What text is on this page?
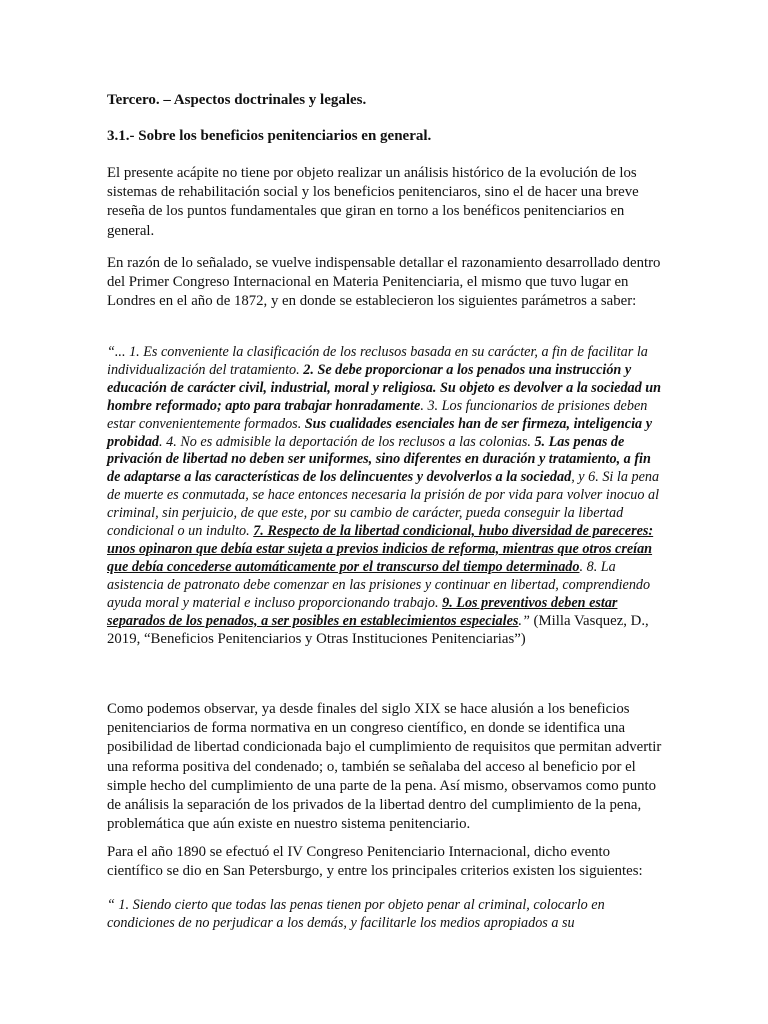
Tercero. – Aspectos doctrinales y legales.
3.1.- Sobre los beneficios penitenciarios en general.
El presente acápite no tiene por objeto realizar un análisis histórico de la evolución de los sistemas de rehabilitación social y los beneficios penitenciaros, sino el de hacer una breve reseña de los puntos fundamentales que giran en torno a los benéficos penitenciarios en general.
En razón de lo señalado, se vuelve indispensable detallar el razonamiento desarrollado dentro del Primer Congreso Internacional en Materia Penitenciaria, el mismo que tuvo lugar en Londres en el año de 1872, y en donde se establecieron los siguientes parámetros a saber:
“... 1. Es conveniente la clasificación de los reclusos basada en su carácter, a fin de facilitar la individualización del tratamiento. 2. Se debe proporcionar a los penados una instrucción y educación de carácter civil, industrial, moral y religiosa. Su objeto es devolver a la sociedad un hombre reformado; apto para trabajar honradamente. 3. Los funcionarios de prisiones deben estar convenientemente formados. Sus cualidades esenciales han de ser firmeza, inteligencia y probidad. 4. No es admisible la deportación de los reclusos a las colonias. 5. Las penas de privación de libertad no deben ser uniformes, sino diferentes en duración y tratamiento, a fin de adaptarse a las características de los delincuentes y devolverlos a la sociedad, y 6. Si la pena de muerte es conmutada, se hace entonces necesaria la prisión de por vida para volver inocuo al criminal, sin perjuicio, de que este, por su cambio de carácter, pueda conseguir la libertad condicional o un indulto. 7. Respecto de la libertad condicional, hubo diversidad de pareceres: unos opinaron que debía estar sujeta a previos indicios de reforma, mientras que otros creían que debía concederse automáticamente por el transcurso del tiempo determinado. 8. La asistencia de patronato debe comenzar en las prisiones y continuar en libertad, comprendiendo ayuda moral y material e incluso proporcionando trabajo. 9. Los preventivos deben estar separados de los penados, a ser posibles en establecimientos especiales.” (Milla Vasquez, D., 2019, “Beneficios Penitenciarios y Otras Instituciones Penitenciarias”)
Como podemos observar, ya desde finales del siglo XIX se hace alusión a los beneficios penitenciarios de forma normativa en un congreso científico, en donde se identifica una posibilidad de libertad condicionada bajo el cumplimiento de requisitos que permitan advertir una reforma positiva del condenado; o, también se señalaba del acceso al beneficio por el simple hecho del cumplimiento de una parte de la pena. Así mismo, observamos como punto de análisis la separación de los privados de la libertad dentro del cumplimiento de la pena, problemática que aún existe en nuestro sistema penitenciario.
Para el año 1890 se efectuó el IV Congreso Penitenciario Internacional, dicho evento científico se dio en San Petersburgo, y entre los principales criterios existen los siguientes:
“ 1. Siendo cierto que todas las penas tienen por objeto penar al criminal, colocarlo en condiciones de no perjudicar a los demás, y facilitarle los medios apropiados a su
